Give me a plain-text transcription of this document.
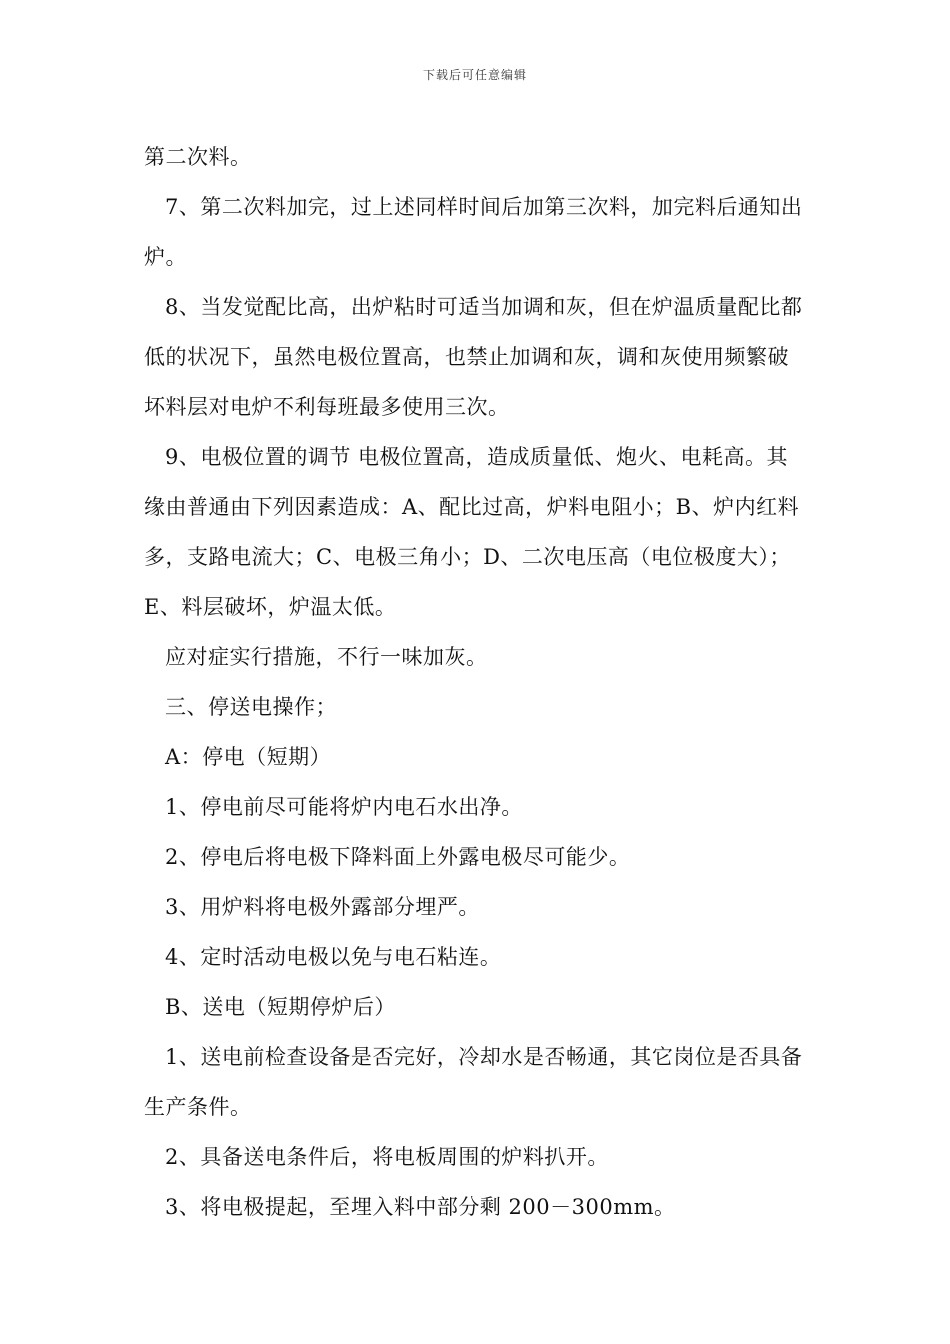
下载后可任意编辑

第二次料。

7、第二次料加完，过上述同样时间后加第三次料，加完料后通知出炉。

8、当发觉配比高，出炉粘时可适当加调和灰，但在炉温质量配比都低的状况下，虽然电极位置高，也禁止加调和灰，调和灰使用频繁破坏料层对电炉不利每班最多使用三次。

9、电极位置的调节 电极位置高，造成质量低、炮火、电耗高。其缘由普通由下列因素造成：A、配比过高，炉料电阻小；B、炉内红料多，支路电流大；C、电极三角小；D、二次电压高（电位极度大）；E、料层破坏，炉温太低。

应对症实行措施，不行一味加灰。

三、停送电操作；

A：停电（短期）

1、停电前尽可能将炉内电石水出净。

2、停电后将电极下降料面上外露电极尽可能少。

3、用炉料将电极外露部分埋严。

4、定时活动电极以免与电石粘连。

B、送电（短期停炉后）

1、送电前检查设备是否完好，冷却水是否畅通，其它岗位是否具备生产条件。

2、具备送电条件后，将电板周围的炉料扒开。

3、将电极提起，至埋入料中部分剩 200－300mm。
